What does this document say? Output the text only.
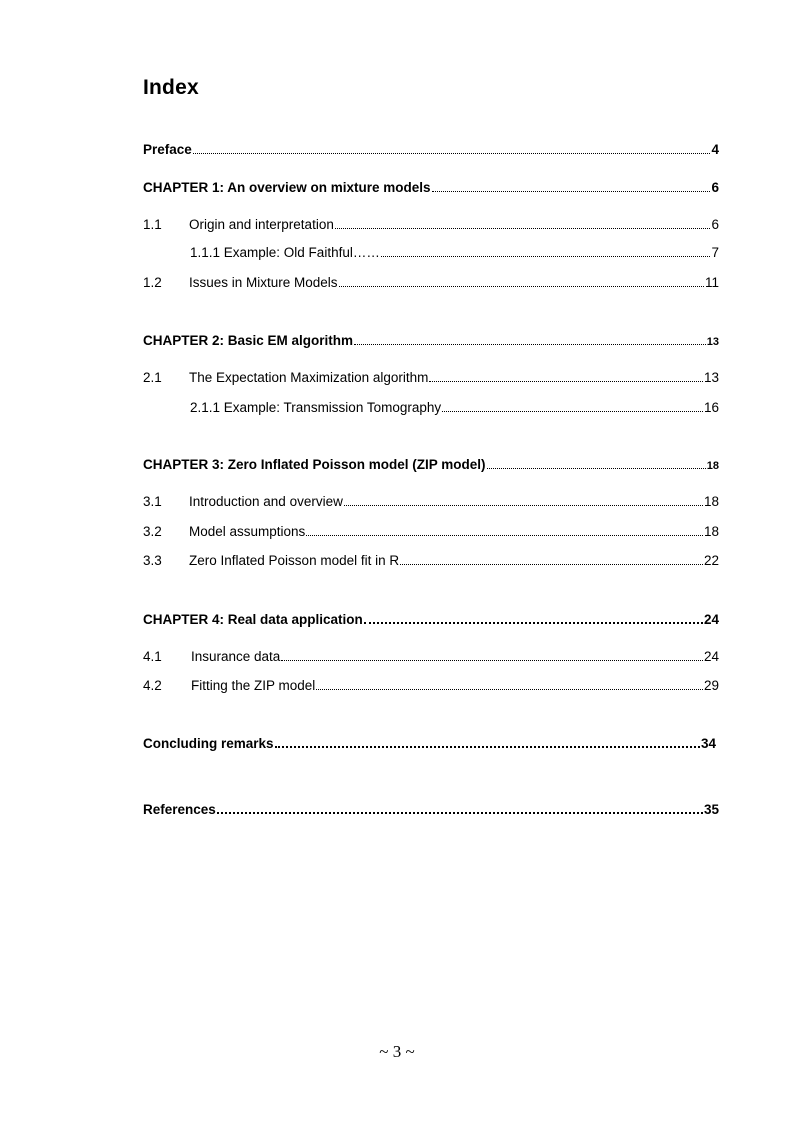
Index
Preface	4
CHAPTER 1: An overview on mixture models	6
1.1	Origin and interpretation	6
1.1.1 Example: Old Faithful……	7
1.2	Issues in Mixture Models	11
CHAPTER 2: Basic EM algorithm	13
2.1	The Expectation Maximization algorithm	13
2.1.1 Example: Transmission Tomography	16
CHAPTER 3: Zero Inflated Poisson model (ZIP model)	18
3.1	Introduction and overview	18
3.2	Model assumptions	18
3.3	Zero Inflated Poisson model fit in R	22
CHAPTER 4: Real data application	24
4.1	Insurance data	24
4.2	Fitting the ZIP model	29
Concluding remarks	34
References	35
~ 3 ~
